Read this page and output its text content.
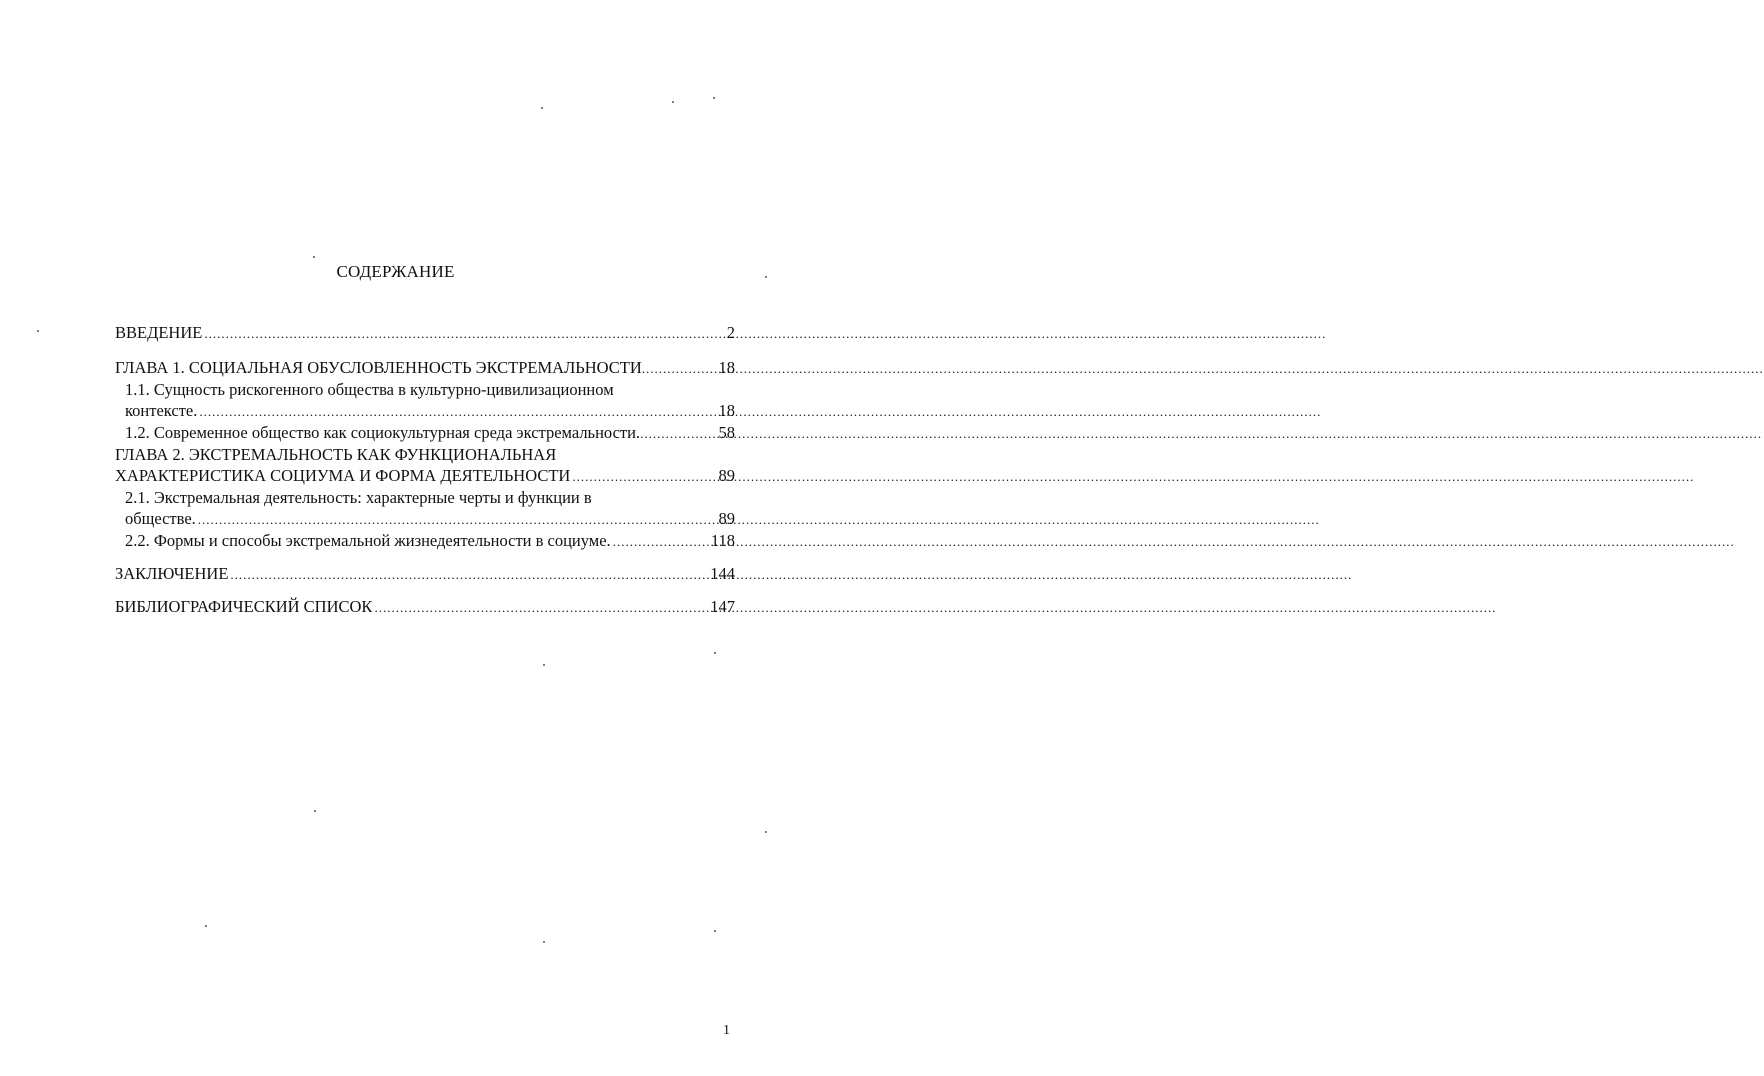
СОДЕРЖАНИЕ
ВВЕДЕНИЕ .....	2
ГЛАВА 1. СОЦИАЛЬНАЯ ОБУСЛОВЛЕННОСТЬ ЭКСТРЕМАЛЬНОСТИ .....	18
1.1. Сущность рискогенного общества в культурно-цивилизационном
контексте. .....	18
1.2. Современное общество как социокультурная среда экстремальности. .....	58
ГЛАВА 2. ЭКСТРЕМАЛЬНОСТЬ КАК ФУНКЦИОНАЛЬНАЯ
ХАРАКТЕРИСТИКА СОЦИУМА И ФОРМА ДЕЯТЕЛЬНОСТИ .....	89
2.1. Экстремальная деятельность: характерные черты и функции в
обществе. .....	89
2.2. Формы и способы экстремальной жизнедеятельности в социуме. .....	118
ЗАКЛЮЧЕНИЕ .....	144
БИБЛИОГРАФИЧЕСКИЙ СПИСОК .....	147
1
